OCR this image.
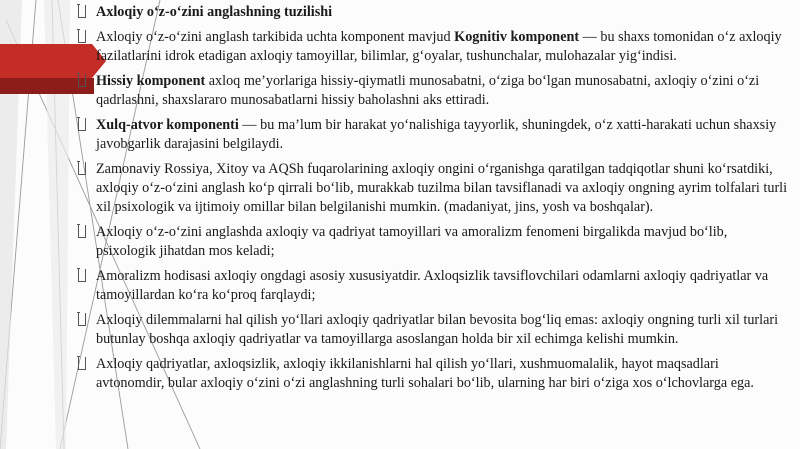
Axloqiy o‘z-o‘zini anglashning tuzilishi
Axloqiy o‘z-o‘zini anglash tarkibida uchta komponent mavjud Kognitiv komponent — bu shaxs tomonidan o‘z axloqiy fazilatlarini idrok etadigan axloqiy tamoyillar, bilimlar, g‘oyalar, tushunchalar, mulohazalar yig‘indisi.
Hissiy komponent axloq me’yorlariga hissiy-qiymatli munosabatni, o‘ziga bo‘lgan munosabatni, axloqiy o‘zini o‘zi qadrlashni, shaxslararo munosabatlarni hissiy baholashni aks ettiradi.
Xulq-atvor komponenti — bu ma’lum bir harakat yo‘nalishiga tayyorlik, shuningdek, o‘z xatti-harakati uchun shaxsiy javobgarlik darajasini belgilaydi.
Zamonaviy Rossiya, Xitoy va AQSh fuqarolarining axloqiy ongini o‘rganishga qaratilgan tadqiqotlar shuni ko‘rsatdiki, axloqiy o‘z-o‘zini anglash ko‘p qirrali bo‘lib, murakkab tuzilma bilan tavsiflanadi va axloqiy ongning ayrim tolfalari turli xil psixologik va ijtimoiy omillar bilan belgilanishi mumkin. (madaniyat, jins, yosh va boshqalar).
Axloqiy o‘z-o‘zini anglashda axloqiy va qadriyat tamoyillari va amoralizm fenomeni birgalikda mavjud bo‘lib, psixologik jihatdan mos keladi;
Amoralizm hodisasi axloqiy ongdagi asosiy xususiyatdir. Axloqsizlik tavsiflovchilari odamlarni axloqiy qadriyatlar va tamoyillardan ko‘ra ko‘proq farqlaydi;
Axloqiy dilemmalarni hal qilish yo‘llari axloqiy qadriyatlar bilan bevosita bog‘liq emas: axloqiy ongning turli xil turlari butunlay boshqa axloqiy qadriyatlar va tamoyillarga asoslangan holda bir xil echimga kelishi mumkin.
Axloqiy qadriyatlar, axloqsizlik, axloqiy ikkilanishlarni hal qilish yo‘llari, xushmuomalalik, hayot maqsadlari avtonomdir, bular axloqiy o‘zini o‘zi anglashning turli sohalari bo‘lib, ularning har biri o‘ziga xos o‘lchovlarga ega.
